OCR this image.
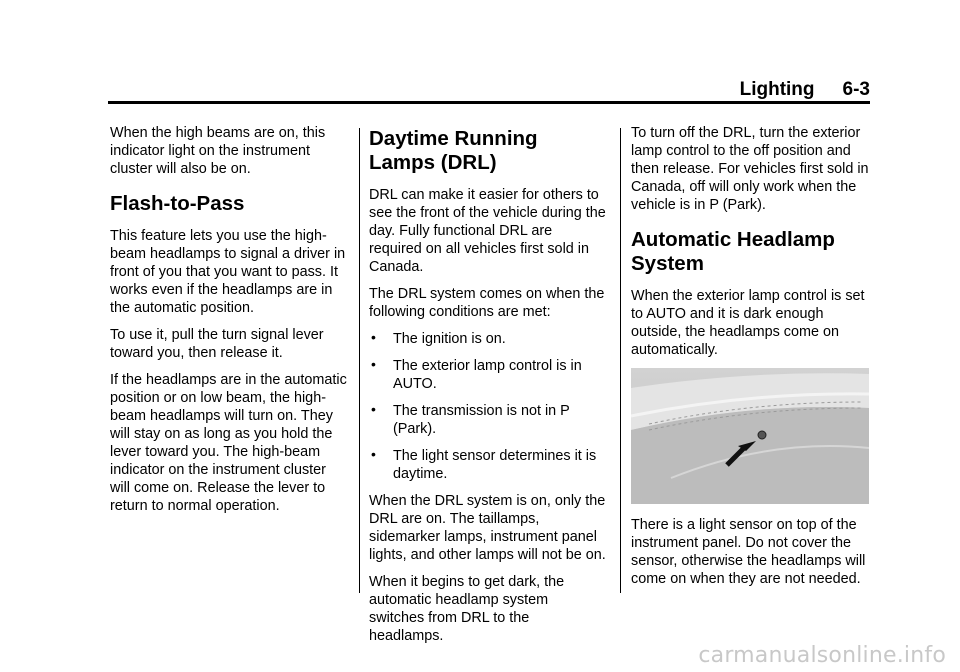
Lighting 6-3

When the high beams are on, this indicator light on the instrument cluster will also be on.

Flash-to-Pass

This feature lets you use the high-beam headlamps to signal a driver in front of you that you want to pass. It works even if the headlamps are in the automatic position.

To use it, pull the turn signal lever toward you, then release it.

If the headlamps are in the automatic position or on low beam, the high-beam headlamps will turn on. They will stay on as long as you hold the lever toward you. The high-beam indicator on the instrument cluster will come on. Release the lever to return to normal operation.

Daytime Running Lamps (DRL)

DRL can make it easier for others to see the front of the vehicle during the day. Fully functional DRL are required on all vehicles first sold in Canada.

The DRL system comes on when the following conditions are met:

• The ignition is on.
• The exterior lamp control is in AUTO.
• The transmission is not in P (Park).
• The light sensor determines it is daytime.

When the DRL system is on, only the DRL are on. The taillamps, sidemarker lamps, instrument panel lights, and other lamps will not be on.

When it begins to get dark, the automatic headlamp system switches from DRL to the headlamps.

To turn off the DRL, turn the exterior lamp control to the off position and then release. For vehicles first sold in Canada, off will only work when the vehicle is in P (Park).

Automatic Headlamp System

When the exterior lamp control is set to AUTO and it is dark enough outside, the headlamps come on automatically.

There is a light sensor on top of the instrument panel. Do not cover the sensor, otherwise the headlamps will come on when they are not needed.

carmanualsonline.info
